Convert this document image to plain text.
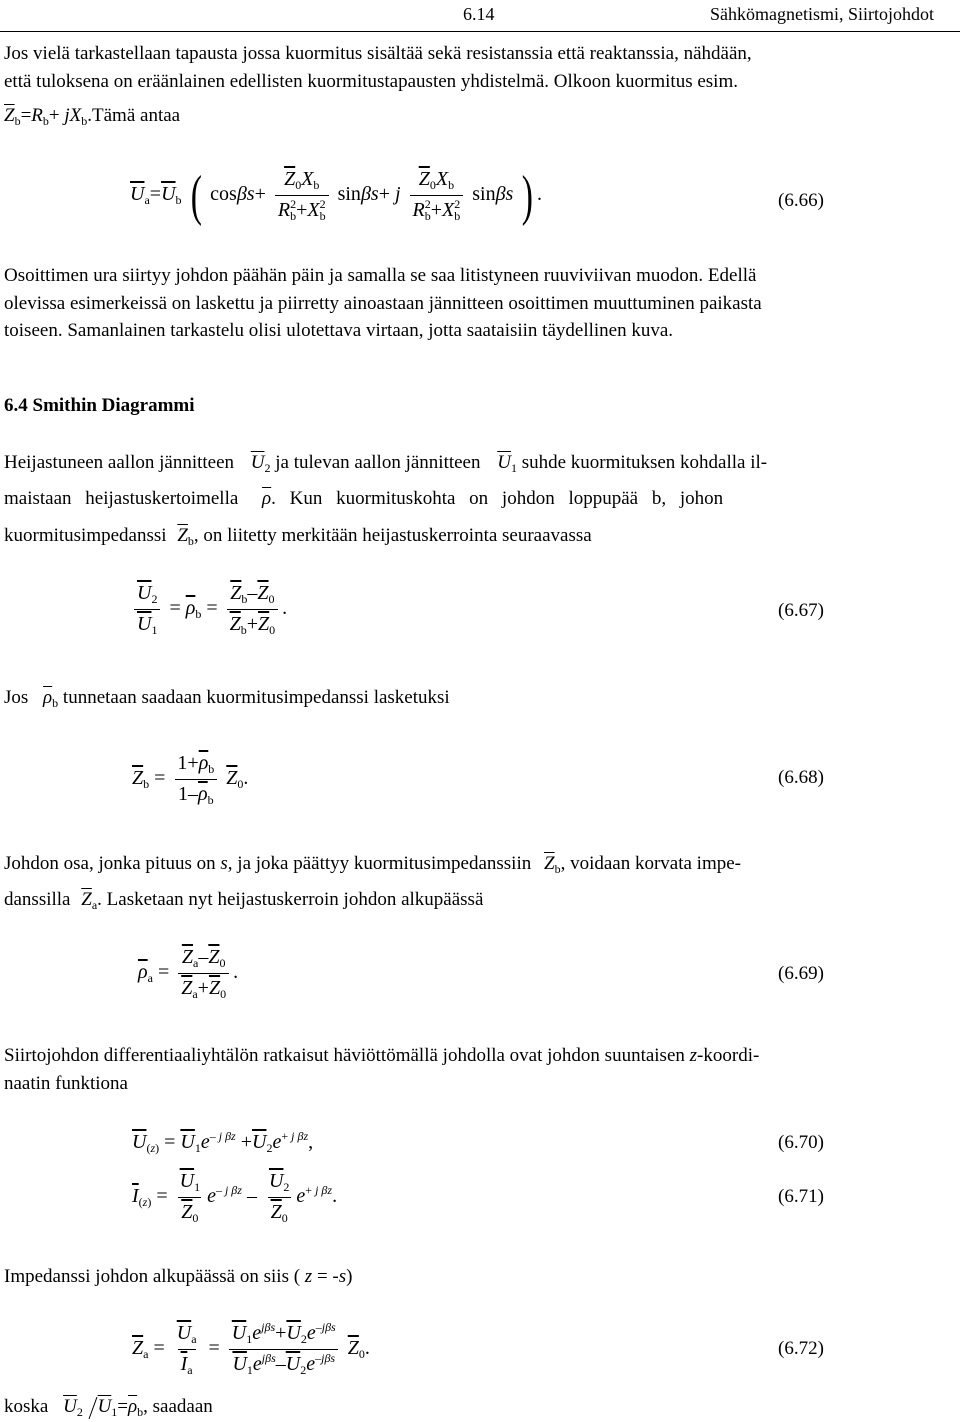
6.14	Sähkömagnetismi, Siirtojohdot
Jos vielä tarkastellaan tapausta jossa kuormitus sisältää sekä resistanssia että reaktanssia, nähdään,
että tuloksena on eräänlainen edellisten kuormitustapausten yhdistelmä. Olkoon kuormitus esim.
$\overline{Z}_b=R_b+$ $jX_b.Tämä$ antaa
$\overline{U}_a=\overline{U}_b$ ( $\cos\beta s+ \frac{\overline{Z}_0X_b}{R^2_b+X^2_b} \sin\beta s+ j \frac{\overline{Z}_0X_b}{R^2_b+X^2_b}$ sinβs ) .	(6.66)
Osoittimen ura siirtyy johdon päähän päin ja samalla se saa litistyneen ruuviviivan muodon. Edellä
olevissa esimerkeissä on laskettu ja piirretty ainoastaan jännitteen osoittimen muuttuminen paikasta
toiseen. Samanlainen tarkastelu olisi ulotettava virtaan, jotta saataisiin täydellinen kuva.
6.4 Smithin Diagrammi
Heijastuneen aallon jännitteen $\overline{U}_2$ ja tulevan aallon jännitteen $\overline{U}_1$ suhde kuormituksen kohdalla il-
maistaan heijastuskertoimella $\overline{\rho}$. Kun kuormituskohta on johdon loppupää b, johon
kuormitusimpedanssi $\overline{Z}_b$, on liitetty merkitään heijastuskerrointa seuraavassa
$\frac{\overline{U}_2}{\overline{U}_1} = \overline{\rho}_b = \frac{\overline{Z}_b-\overline{Z}_0}{\overline{Z}_b+\overline{Z}_0}$ .	(6.67)
Jos $\overline{\rho}_b$ tunnetaan saadaan kuormitusimpedanssi lasketuksi
$\overline{Z}_b = \frac{1+\overline{\rho}_b}{1-\overline{\rho}_b} \overline{Z}_0$.	(6.68)
Johdon osa, jonka pituus on s, ja joka päättyy kuormitusimpedanssiin $\overline{Z}_b$, voidaan korvata impe-
danssilla $\overline{Z}_a$. Lasketaan nyt heijastuskerroin johdon alkupäässä
$\overline{\rho}_a = \frac{\overline{Z}_a-\overline{Z}_0}{\overline{Z}_a+\overline{Z}_0}$ .	(6.69)
Siirtojohdon differentiaaliyhtälön ratkaisut häviöttömällä johdolla ovat johdon suuntaisen z-koordi-
naatin funktiona
$\overline{U}_{(z)} = \overline{U}_1e^{- j \beta z} +\overline{U}_2e^{+ j \beta z}$,	(6.70)
$\overline{I}_{(z)} = \frac{\overline{U}_1}{\overline{Z}_0} e^{- j \beta z} - \frac{\overline{U}_2}{\overline{Z}_0} e^{+ j \beta z}$.	(6.71)
Impedanssi johdon alkupäässä on siis ( z = -s)
$\overline{Z}_a = \frac{\overline{U}_a}{\overline{I}_a} = \frac{\overline{U}_1e^{j\beta s}+\overline{U}_2e^{-j\beta s}}{\overline{U}_1e^{j\beta s}-\overline{U}_2e^{-j\beta s}} \overline{Z}_0$.	(6.72)
koska $\overline{U}_2$ $\overline{U}_1=\overline{\rho}_b$, saadaan
